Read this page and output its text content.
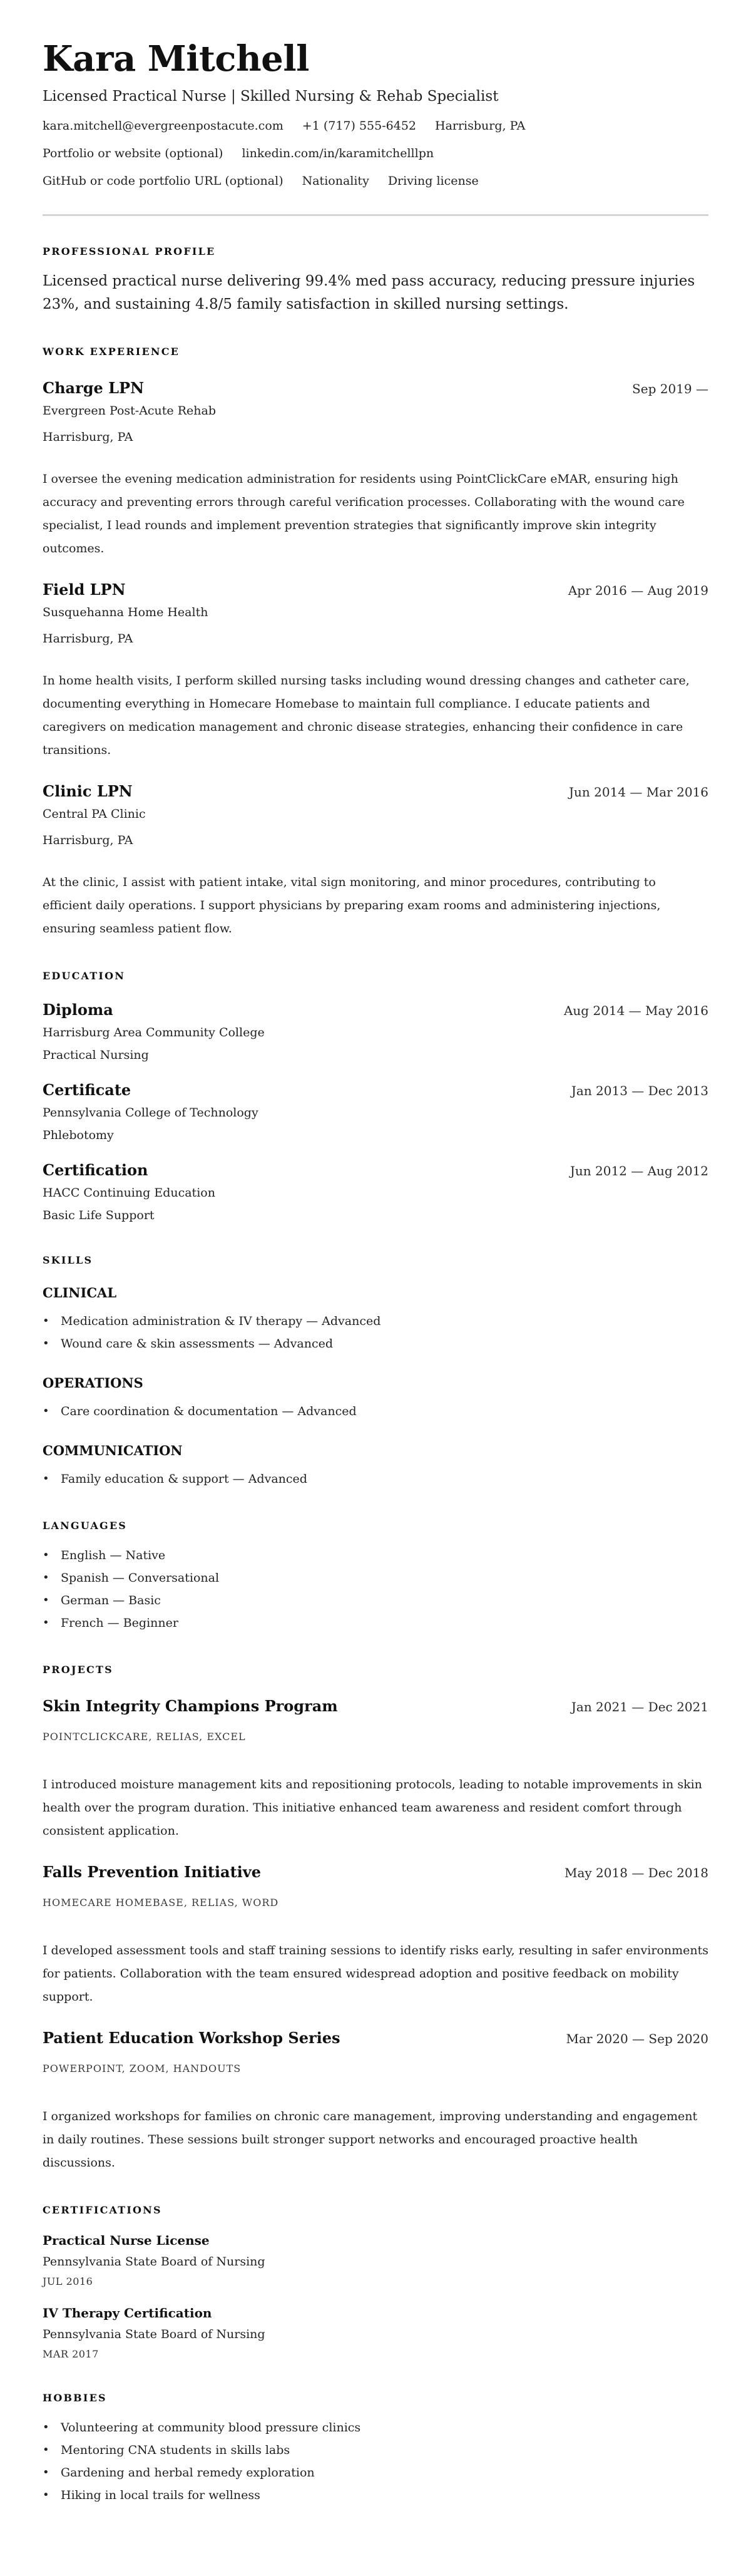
Kara Mitchell
Licensed Practical Nurse | Skilled Nursing & Rehab Specialist
kara.mitchell@evergreenpostacute.com +1 (717) 555-6452 Harrisburg, PA
Portfolio or website (optional) linkedin.com/in/karamitchelllpn
GitHub or code portfolio URL (optional) Nationality Driving license
PROFESSIONAL PROFILE
Licensed practical nurse delivering 99.4% med pass accuracy, reducing pressure injuries 23%, and sustaining 4.8/5 family satisfaction in skilled nursing settings.
WORK EXPERIENCE
Charge LPN	Sep 2019 —
Evergreen Post-Acute Rehab
Harrisburg, PA
I oversee the evening medication administration for residents using PointClickCare eMAR, ensuring high accuracy and preventing errors through careful verification processes. Collaborating with the wound care specialist, I lead rounds and implement prevention strategies that significantly improve skin integrity outcomes.
Field LPN	Apr 2016 — Aug 2019
Susquehanna Home Health
Harrisburg, PA
In home health visits, I perform skilled nursing tasks including wound dressing changes and catheter care, documenting everything in Homecare Homebase to maintain full compliance. I educate patients and caregivers on medication management and chronic disease strategies, enhancing their confidence in care transitions.
Clinic LPN	Jun 2014 — Mar 2016
Central PA Clinic
Harrisburg, PA
At the clinic, I assist with patient intake, vital sign monitoring, and minor procedures, contributing to efficient daily operations. I support physicians by preparing exam rooms and administering injections, ensuring seamless patient flow.
EDUCATION
Diploma	Aug 2014 — May 2016
Harrisburg Area Community College
Practical Nursing
Certificate	Jan 2013 — Dec 2013
Pennsylvania College of Technology
Phlebotomy
Certification	Jun 2012 — Aug 2012
HACC Continuing Education
Basic Life Support
SKILLS
CLINICAL
• Medication administration & IV therapy — Advanced
• Wound care & skin assessments — Advanced
OPERATIONS
• Care coordination & documentation — Advanced
COMMUNICATION
• Family education & support — Advanced
LANGUAGES
• English — Native
• Spanish — Conversational
• German — Basic
• French — Beginner
PROJECTS
Skin Integrity Champions Program	Jan 2021 — Dec 2021
POINTCLICKCARE, RELIAS, EXCEL
I introduced moisture management kits and repositioning protocols, leading to notable improvements in skin health over the program duration. This initiative enhanced team awareness and resident comfort through consistent application.
Falls Prevention Initiative	May 2018 — Dec 2018
HOMECARE HOMEBASE, RELIAS, WORD
I developed assessment tools and staff training sessions to identify risks early, resulting in safer environments for patients. Collaboration with the team ensured widespread adoption and positive feedback on mobility support.
Patient Education Workshop Series	Mar 2020 — Sep 2020
POWERPOINT, ZOOM, HANDOUTS
I organized workshops for families on chronic care management, improving understanding and engagement in daily routines. These sessions built stronger support networks and encouraged proactive health discussions.
CERTIFICATIONS
Practical Nurse License
Pennsylvania State Board of Nursing
JUL 2016
IV Therapy Certification
Pennsylvania State Board of Nursing
MAR 2017
HOBBIES
• Volunteering at community blood pressure clinics
• Mentoring CNA students in skills labs
• Gardening and herbal remedy exploration
• Hiking in local trails for wellness
